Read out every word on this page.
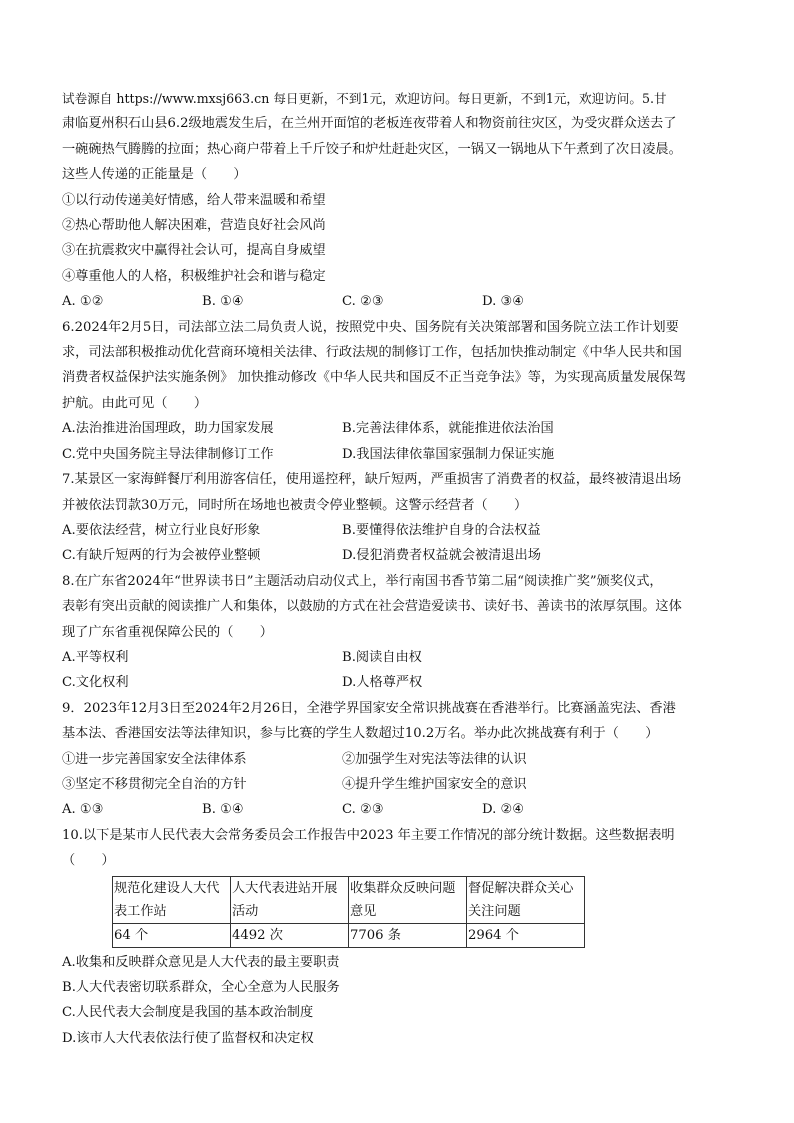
试卷源自 https://www.mxsj663.cn 每日更新，不到1元，欢迎访问。每日更新，不到1元，欢迎访问。5.甘
肃临夏州积石山县6.2级地震发生后，在兰州开面馆的老板连夜带着人和物资前往灾区，为受灾群众送去了
一碗碗热气腾腾的拉面；热心商户带着上千斤饺子和炉灶赶赴灾区，一锅又一锅地从下午煮到了次日凌晨。
这些人传递的正能量是（　　）
①以行动传递美好情感，给人带来温暖和希望
②热心帮助他人解决困难，营造良好社会风尚
③在抗震救灾中赢得社会认可，提高自身威望
④尊重他人的人格，积极维护社会和谐与稳定
A. ①②	B. ①④	C. ②③	D. ③④
6.2024年2月5日，司法部立法二局负责人说，按照党中央、国务院有关决策部署和国务院立法工作计划要
求，司法部积极推动优化营商环境相关法律、行政法规的制修订工作，包括加快推动制定《中华人民共和国
消费者权益保护法实施条例》 加快推动修改《中华人民共和国反不正当竞争法》等，为实现高质量发展保驾
护航。由此可见（　　）
A.法治推进治国理政，助力国家发展	B.完善法律体系，就能推进依法治国
C.党中央国务院主导法律制修订工作	D.我国法律依靠国家强制力保证实施
7.某景区一家海鲜餐厅利用游客信任，使用遥控秤，缺斤短两，严重损害了消费者的权益，最终被清退出场
并被依法罚款30万元，同时所在场地也被责令停业整顿。这警示经营者（　　）
A.要依法经营，树立行业良好形象	B.要懂得依法维护自身的合法权益
C.有缺斤短两的行为会被停业整顿	D.侵犯消费者权益就会被清退出场
8.在广东省2024年“世界读书日”主题活动启动仪式上，举行南国书香节第二届“阅读推广奖”颁奖仪式，
表彰有突出贡献的阅读推广人和集体，以鼓励的方式在社会营造爱读书、读好书、善读书的浓厚氛围。这体
现了广东省重视保障公民的（　　）
A.平等权利	B.阅读自由权
C.文化权利	D.人格尊严权
9．2023年12月3日至2024年2月26日，全港学界国家安全常识挑战赛在香港举行。比赛涵盖宪法、香港
基本法、香港国安法等法律知识，参与比赛的学生人数超过10.2万名。举办此次挑战赛有利于（　　）
①进一步完善国家安全法律体系	②加强学生对宪法等法律的认识
③坚定不移贯彻完全自治的方针	④提升学生维护国家安全的意识
A. ①③	B. ①④	C. ②③	D. ②④
10.以下是某市人民代表大会常务委员会工作报告中2023 年主要工作情况的部分统计数据。这些数据表明
（　　）
规范化建设人大代表工作站	人大代表进站开展活动	收集群众反映问题意见	督促解决群众关心关注问题
64 个	4492 次	7706 条	2964 个
A.收集和反映群众意见是人大代表的最主要职责
B.人大代表密切联系群众，全心全意为人民服务
C.人民代表大会制度是我国的基本政治制度
D.该市人大代表依法行使了监督权和决定权
